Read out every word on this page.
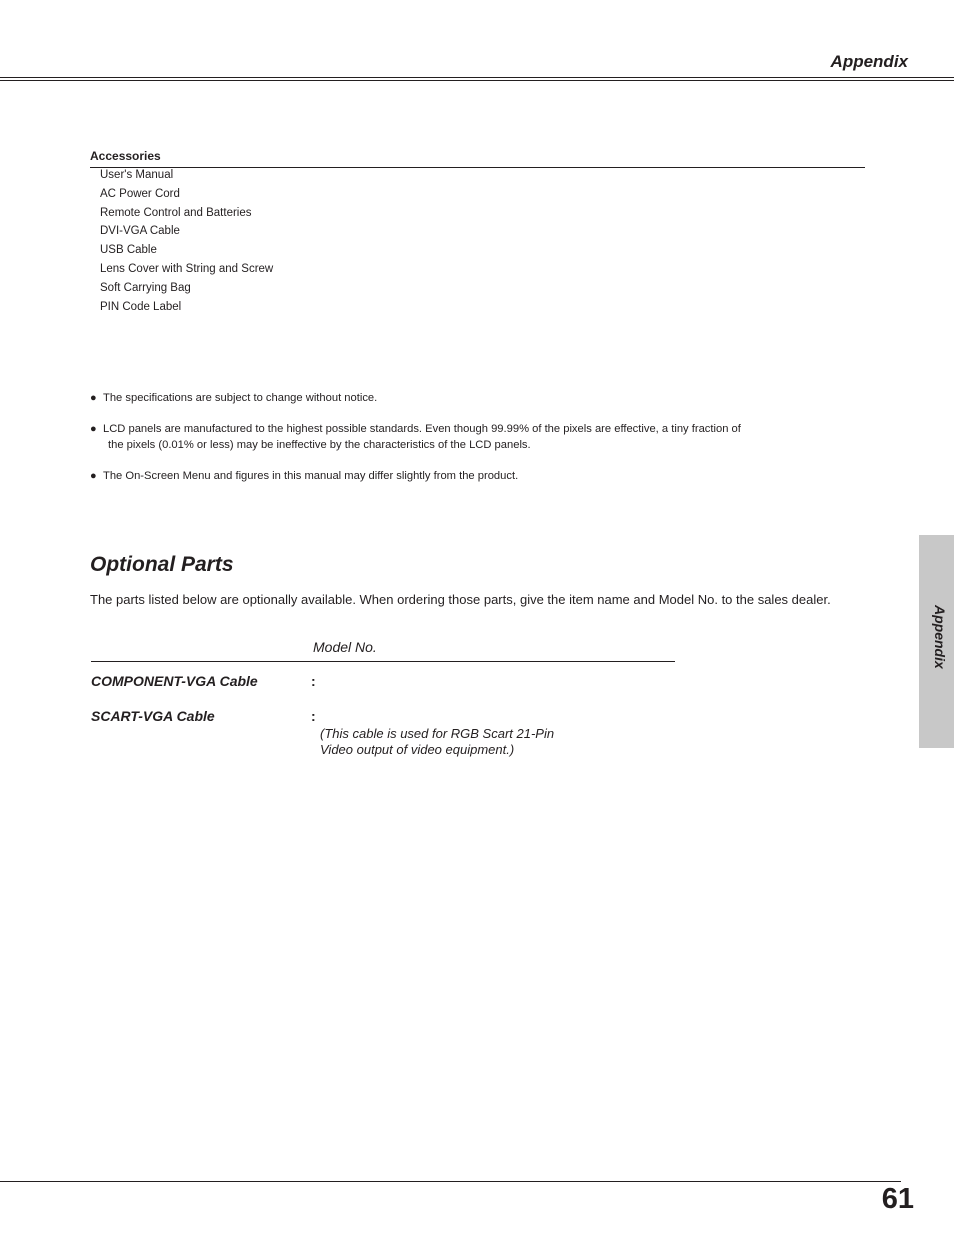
Appendix
Accessories
User's Manual
AC Power Cord
Remote Control and Batteries
DVI-VGA Cable
USB Cable
Lens Cover with String and Screw
Soft Carrying Bag
PIN Code Label
● The specifications are subject to change without notice.
● LCD panels are manufactured to the highest possible standards. Even though 99.99% of the pixels are effective, a tiny fraction of
the pixels (0.01% or less) may be ineffective by the characteristics of the LCD panels.
● The On-Screen Menu and figures in this manual may differ slightly from the product.
Optional Parts
The parts listed below are optionally available. When ordering those parts, give the item name and Model No. to the sales dealer.
Model No.
COMPONENT-VGA Cable	:
SCART-VGA Cable	:
(This cable is used for RGB Scart 21-Pin
Video output of video equipment.)
Appendix
61
